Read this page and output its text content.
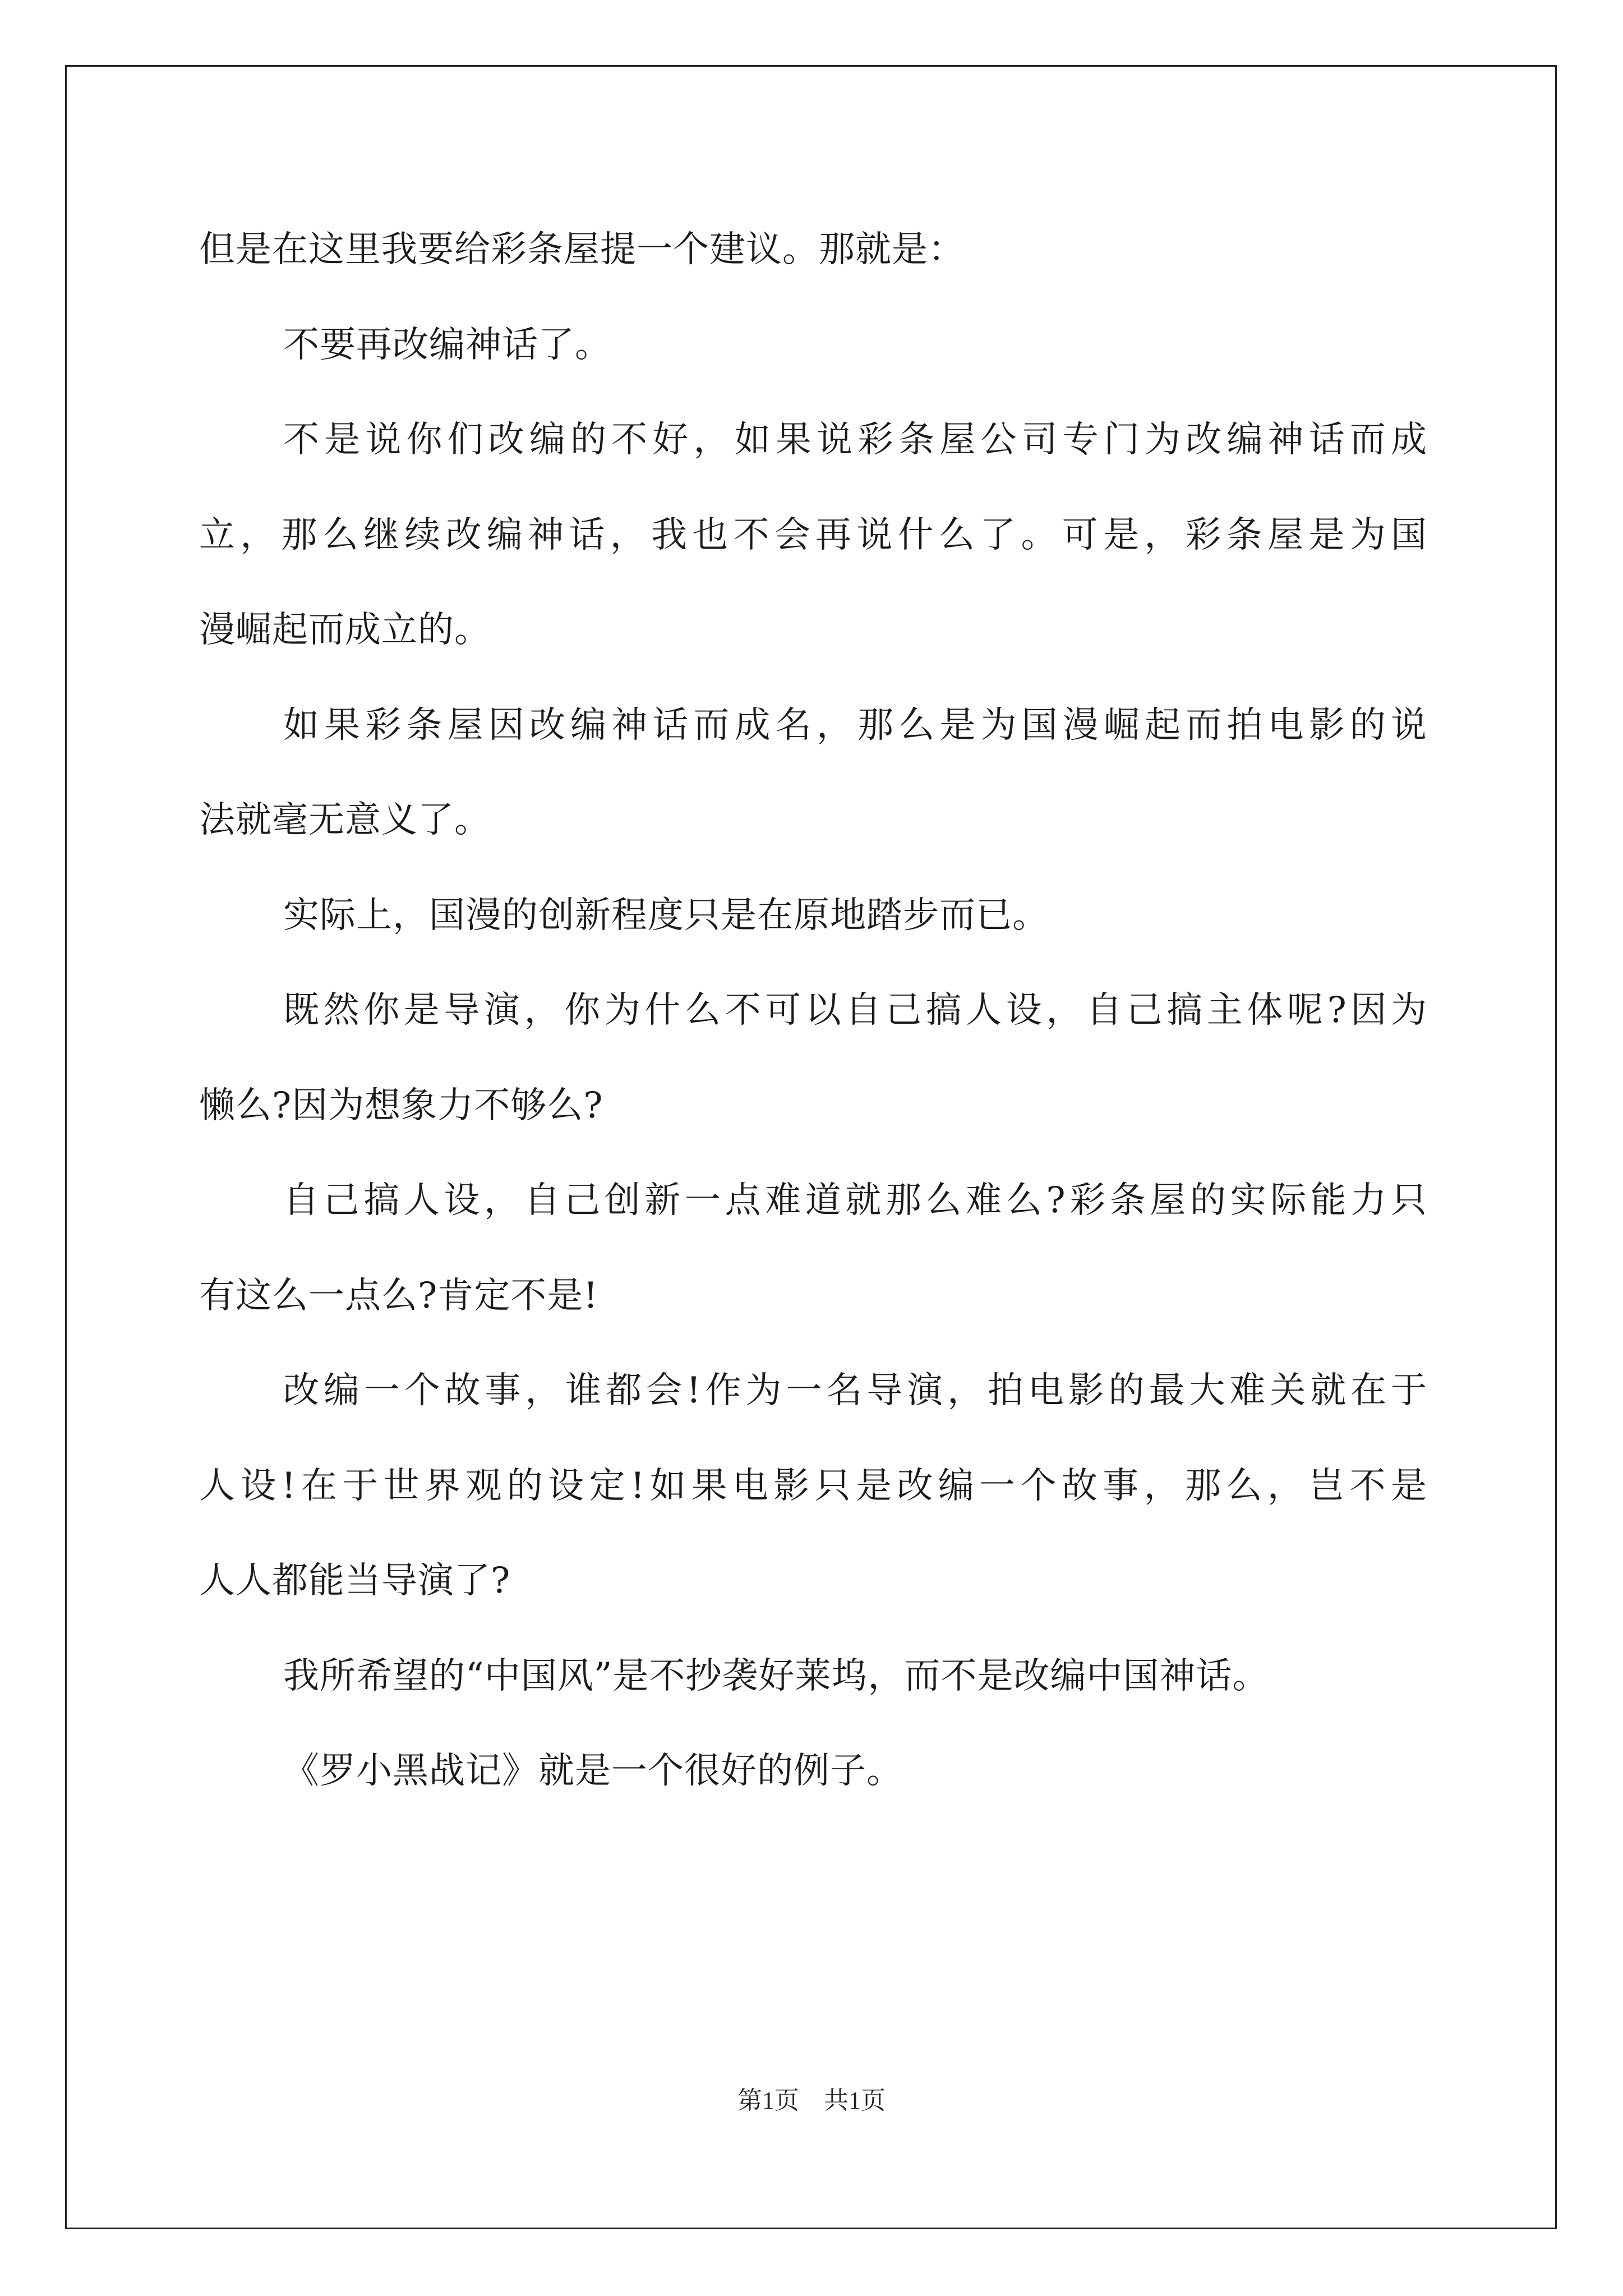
但是在这里我要给彩条屋提一个建议。那就是：
不要再改编神话了。
不是说你们改编的不好，如果说彩条屋公司专门为改编神话而成
立，那么继续改编神话，我也不会再说什么了。可是，彩条屋是为国
漫崛起而成立的。
如果彩条屋因改编神话而成名，那么是为国漫崛起而拍电影的说
法就毫无意义了。
实际上，国漫的创新程度只是在原地踏步而已。
既然你是导演，你为什么不可以自己搞人设，自己搞主体呢?因为
懒么?因为想象力不够么?
自己搞人设，自己创新一点难道就那么难么?彩条屋的实际能力只
有这么一点么?肯定不是!
改编一个故事，谁都会!作为一名导演，拍电影的最大难关就在于
人设!在于世界观的设定!如果电影只是改编一个故事，那么，岂不是
人人都能当导演了?
我所希望的“中国风”是不抄袭好莱坞，而不是改编中国神话。
《罗小黑战记》就是一个很好的例子。
第1页 共1页
